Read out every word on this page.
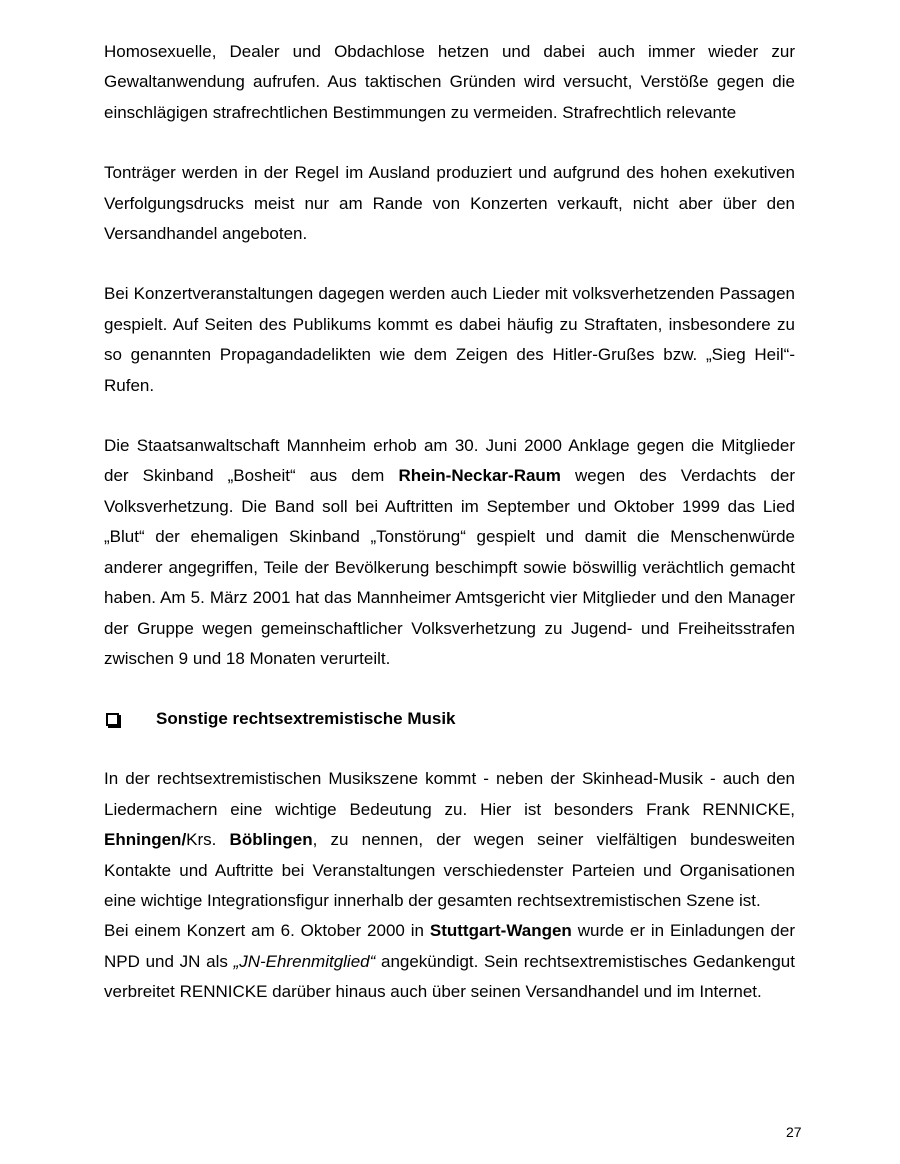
Homosexuelle, Dealer und Obdachlose hetzen und dabei auch immer wieder zur Gewaltanwendung aufrufen. Aus taktischen Gründen wird versucht, Verstöße gegen die einschlägigen strafrechtlichen Bestimmungen zu vermeiden. Strafrechtlich relevante

Tonträger werden in der Regel im Ausland produziert und aufgrund des hohen exekutiven Verfolgungsdrucks meist nur am Rande von Konzerten verkauft, nicht aber über den Versandhandel angeboten.

Bei Konzertveranstaltungen dagegen werden auch Lieder mit volksverhetzenden Passagen gespielt. Auf Seiten des Publikums kommt es dabei häufig zu Straftaten, insbesondere zu so genannten Propagandadelikten wie dem Zeigen des Hitler-Grußes bzw. „Sieg Heil“-Rufen.

Die Staatsanwaltschaft Mannheim erhob am 30. Juni 2000 Anklage gegen die Mitglieder der Skinband „Bosheit“ aus dem Rhein-Neckar-Raum wegen des Verdachts der Volksverhetzung. Die Band soll bei Auftritten im September und Oktober 1999 das Lied „Blut“ der ehemaligen Skinband „Tonstörung“ gespielt und damit die Menschenwürde anderer angegriffen, Teile der Bevölkerung beschimpft sowie böswillig verächtlich gemacht haben. Am 5. März 2001 hat das Mannheimer Amtsgericht vier Mitglieder und den Manager der Gruppe wegen gemeinschaftlicher Volksverhetzung zu Jugend- und Freiheitsstrafen zwischen 9 und 18 Monaten verurteilt.

Sonstige rechtsextremistische Musik

In der rechtsextremistischen Musikszene kommt - neben der Skinhead-Musik - auch den Liedermachern eine wichtige Bedeutung zu. Hier ist besonders Frank RENNICKE, Ehningen/Krs. Böblingen, zu nennen, der wegen seiner vielfältigen bundesweiten Kontakte und Auftritte bei Veranstaltungen verschiedenster Parteien und Organisationen eine wichtige Integrationsfigur innerhalb der gesamten rechtsextremistischen Szene ist.

Bei einem Konzert am 6. Oktober 2000 in Stuttgart-Wangen wurde er in Einladungen der NPD und JN als „JN-Ehrenmitglied“ angekündigt. Sein rechtsextremistisches Gedankengut verbreitet RENNICKE darüber hinaus auch über seinen Versandhandel und im Internet.

27
